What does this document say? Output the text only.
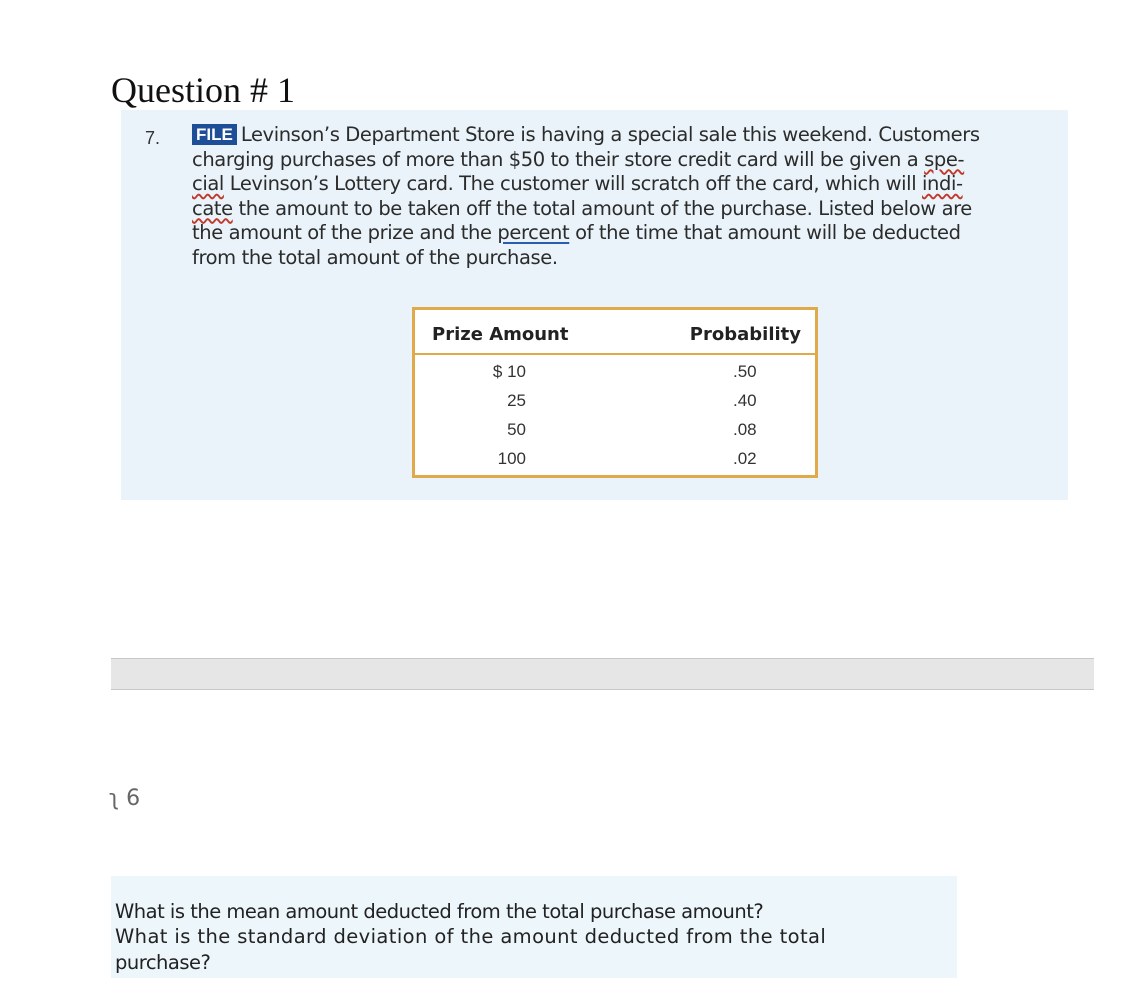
Question # 1
7. FILE Levinson’s Department Store is having a special sale this weekend. Customers
charging purchases of more than $50 to their store credit card will be given a spe-
cial Levinson’s Lottery card. The customer will scratch off the card, which will indi-
cate the amount to be taken off the total amount of the purchase. Listed below are
the amount of the prize and the percent of the time that amount will be deducted
from the total amount of the purchase.
Prize Amount	Probability
$ 10	.50
25	.40
50	.08
100	.02
ʅ 6
What is the mean amount deducted from the total purchase amount?
What is the standard deviation of the amount deducted from the total
purchase?
